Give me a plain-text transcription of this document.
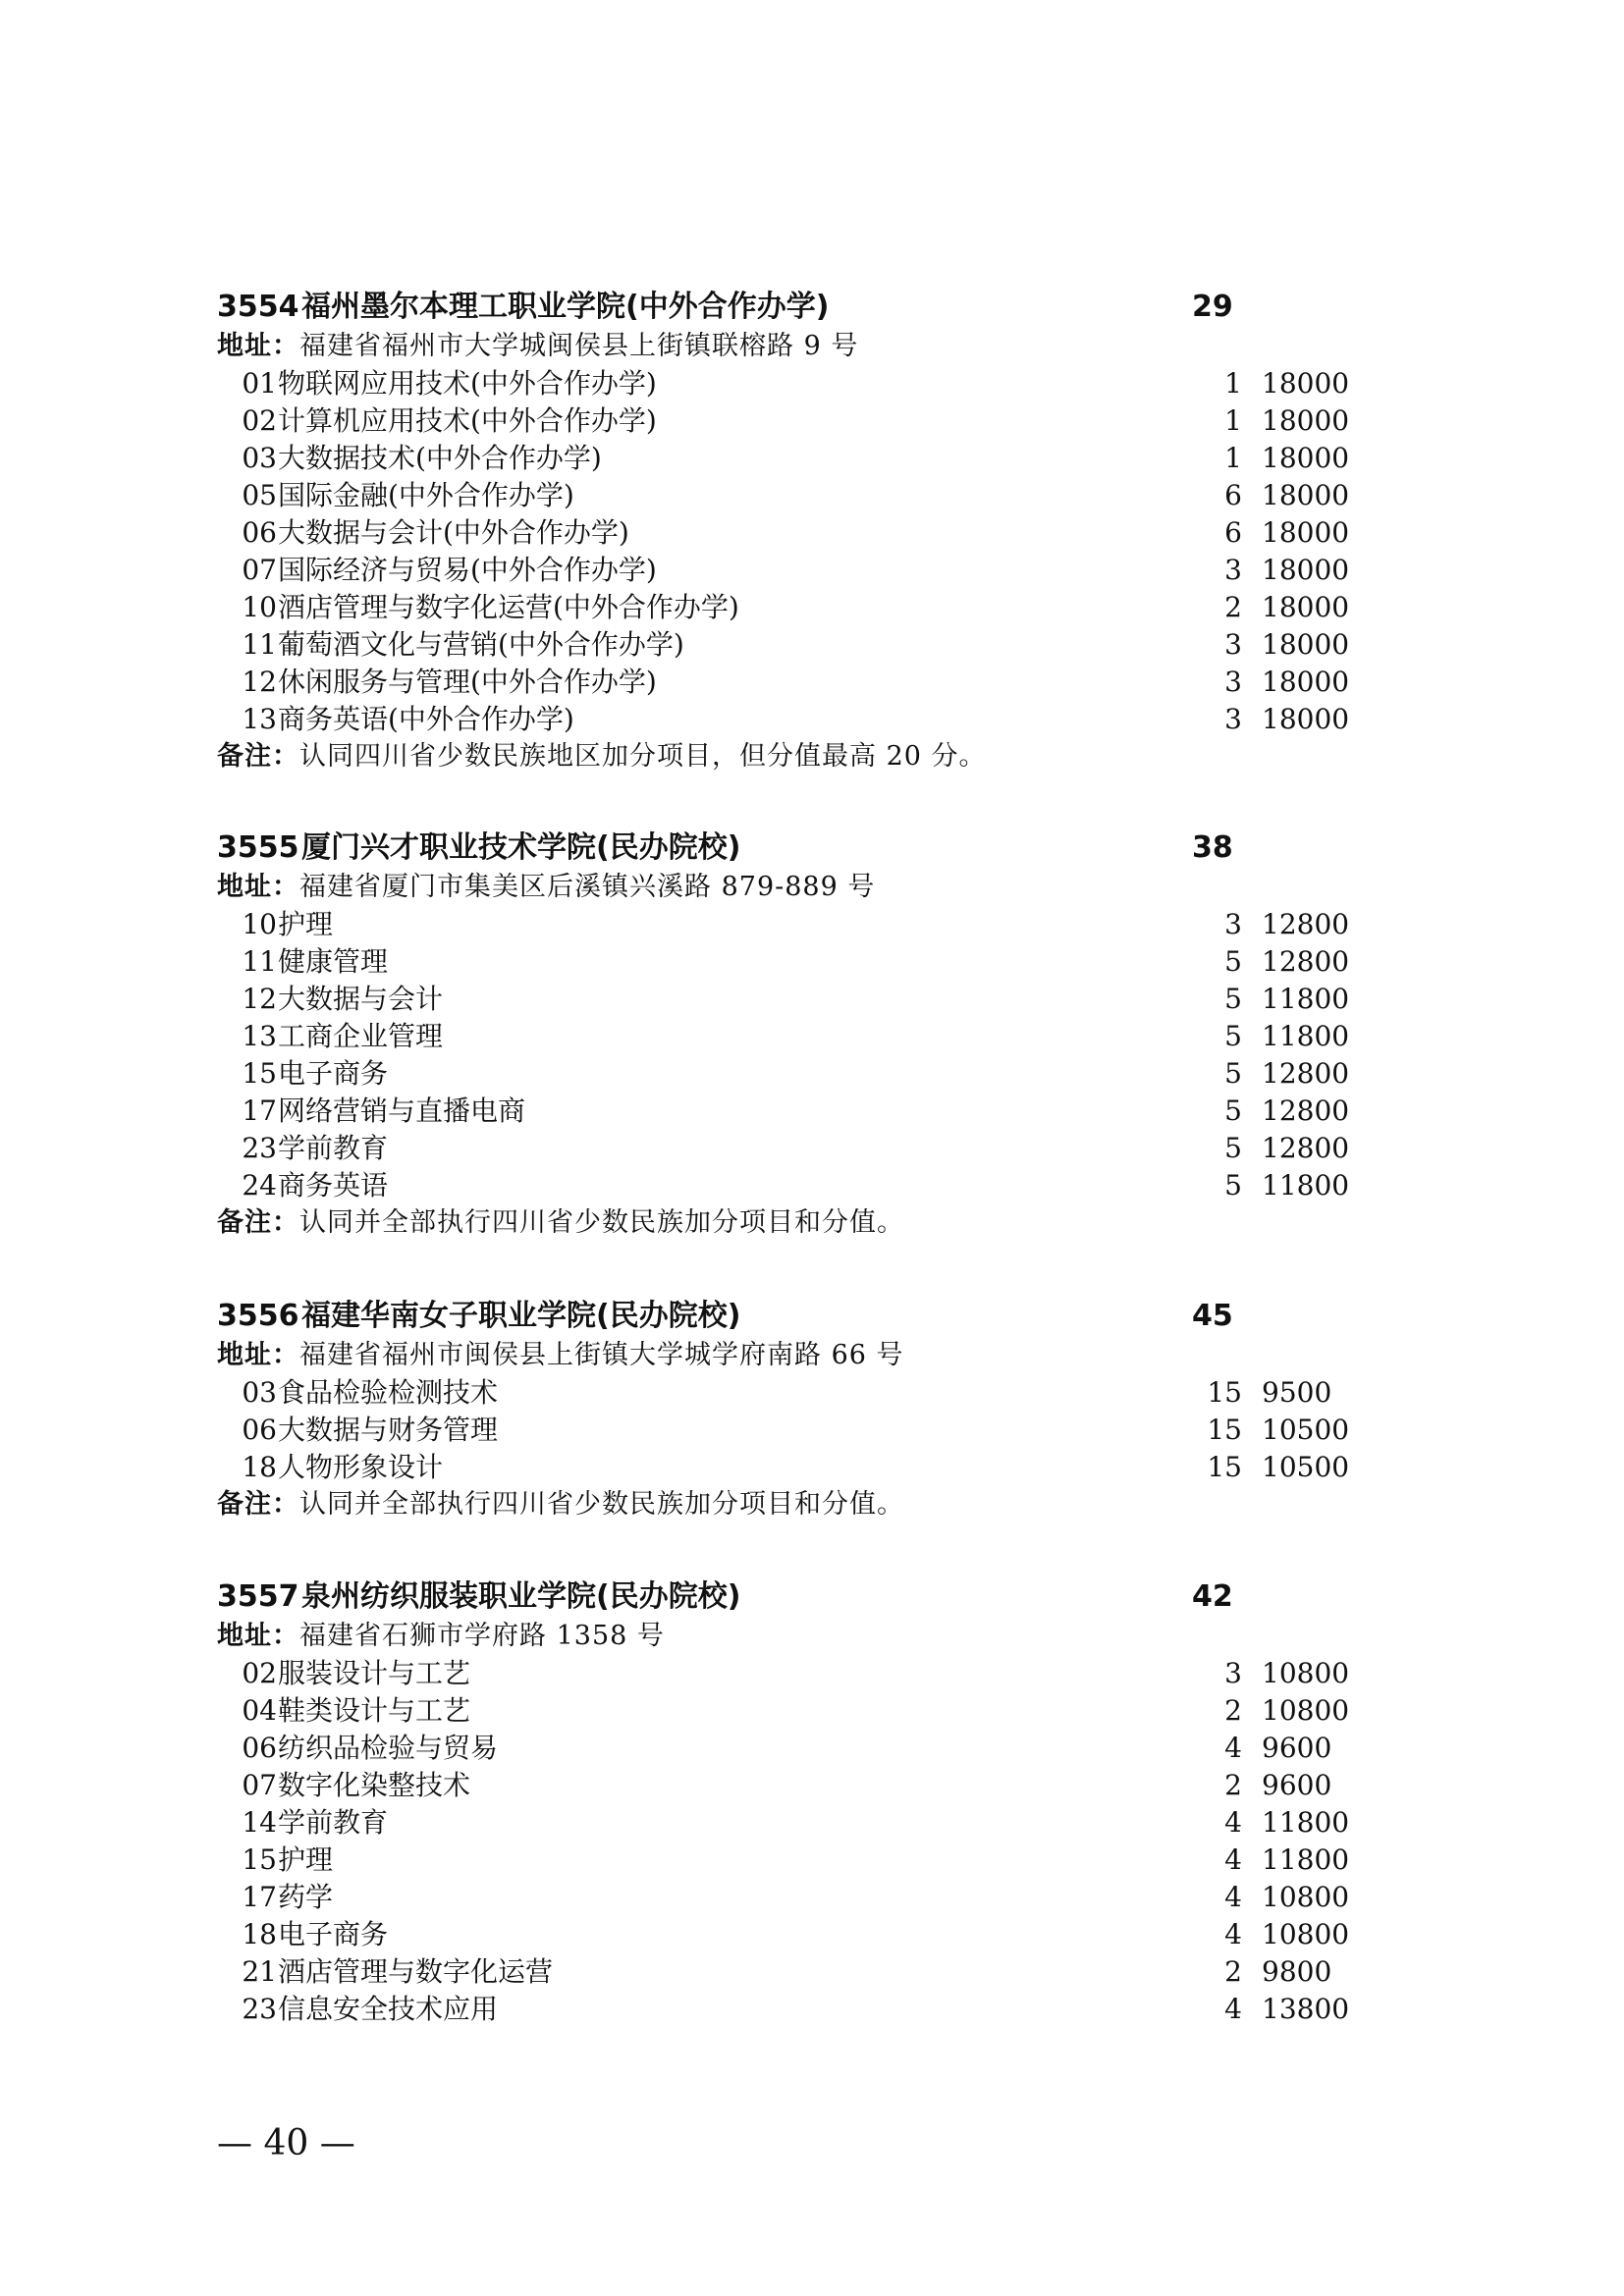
3554 福州墨尔本理工职业学院(中外合作办学)	29
地址：福建省福州市大学城闽侯县上街镇联榕路 9 号
01 物联网应用技术(中外合作办学)	1 18000
02 计算机应用技术(中外合作办学)	1 18000
03 大数据技术(中外合作办学)	1 18000
05 国际金融(中外合作办学)	6 18000
06 大数据与会计(中外合作办学)	6 18000
07 国际经济与贸易(中外合作办学)	3 18000
10 酒店管理与数字化运营(中外合作办学)	2 18000
11 葡萄酒文化与营销(中外合作办学)	3 18000
12 休闲服务与管理(中外合作办学)	3 18000
13 商务英语(中外合作办学)	3 18000
备注：认同四川省少数民族地区加分项目，但分值最高 20 分。
3555 厦门兴才职业技术学院(民办院校)	38
地址：福建省厦门市集美区后溪镇兴溪路 879-889 号
10 护理	3 12800
11 健康管理	5 12800
12 大数据与会计	5 11800
13 工商企业管理	5 11800
15 电子商务	5 12800
17 网络营销与直播电商	5 12800
23 学前教育	5 12800
24 商务英语	5 11800
备注：认同并全部执行四川省少数民族加分项目和分值。
3556 福建华南女子职业学院(民办院校)	45
地址：福建省福州市闽侯县上街镇大学城学府南路 66 号
03 食品检验检测技术	15 9500
06 大数据与财务管理	15 10500
18 人物形象设计	15 10500
备注：认同并全部执行四川省少数民族加分项目和分值。
3557 泉州纺织服装职业学院(民办院校)	42
地址：福建省石狮市学府路 1358 号
02 服装设计与工艺	3 10800
04 鞋类设计与工艺	2 10800
06 纺织品检验与贸易	4 9600
07 数字化染整技术	2 9600
14 学前教育	4 11800
15 护理	4 11800
17 药学	4 10800
18 电子商务	4 10800
21 酒店管理与数字化运营	2 9800
23 信息安全技术应用	4 13800
— 40 —
